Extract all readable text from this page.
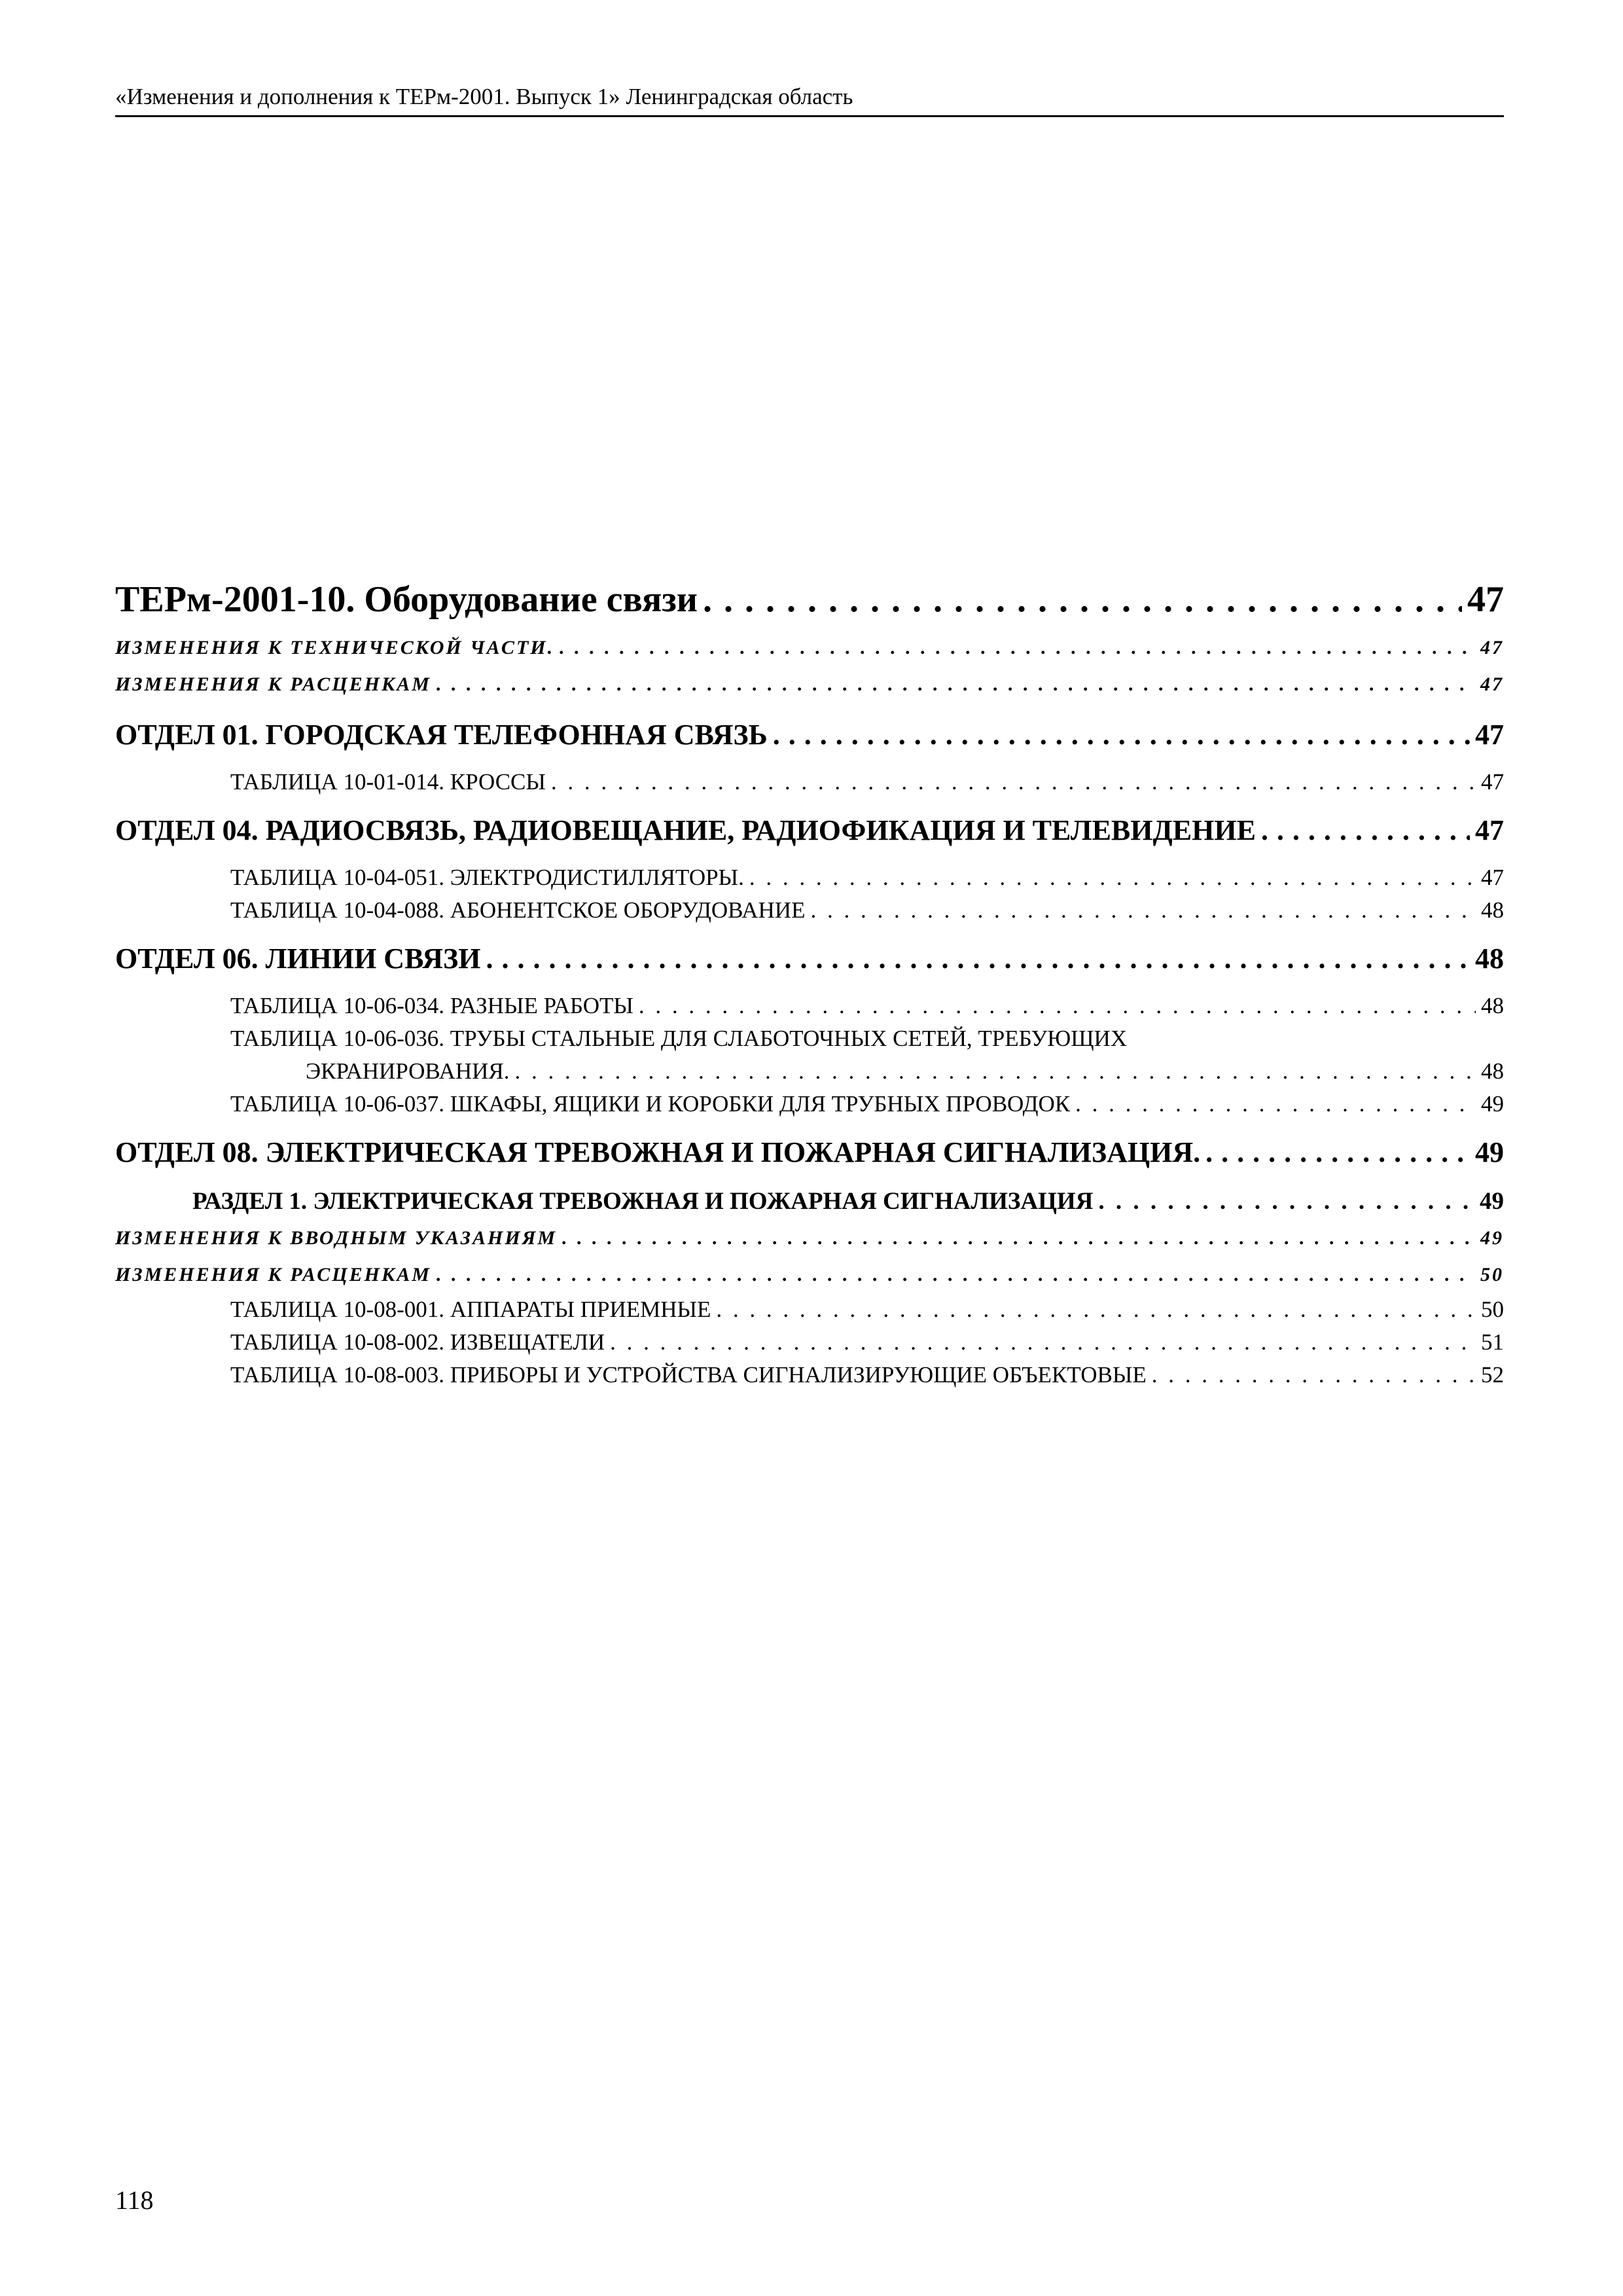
«Изменения и дополнения к ТЕРм-2001. Выпуск 1» Ленинградская область
ТЕРм-2001-10. Оборудование связи . . .	47
ИЗМЕНЕНИЯ К ТЕХНИЧЕСКОЙ ЧАСТИ. . . .	47
ИЗМЕНЕНИЯ К РАСЦЕНКАМ . . .	47
ОТДЕЛ 01. ГОРОДСКАЯ ТЕЛЕФОННАЯ СВЯЗЬ . . .	47
ТАБЛИЦА 10-01-014. КРОССЫ . . .	47
ОТДЕЛ 04. РАДИОСВЯЗЬ, РАДИОВЕЩАНИЕ, РАДИОФИКАЦИЯ И ТЕЛЕВИДЕНИЕ . . .	47
ТАБЛИЦА 10-04-051. ЭЛЕКТРОДИСТИЛЛЯТОРЫ. . . .	47
ТАБЛИЦА 10-04-088. АБОНЕНТСКОЕ ОБОРУДОВАНИЕ . . .	48
ОТДЕЛ 06. ЛИНИИ СВЯЗИ . . .	48
ТАБЛИЦА 10-06-034. РАЗНЫЕ РАБОТЫ . . .	48
ТАБЛИЦА 10-06-036. ТРУБЫ СТАЛЬНЫЕ ДЛЯ СЛАБОТОЧНЫХ СЕТЕЙ, ТРЕБУЮЩИХ
ЭКРАНИРОВАНИЯ. . . .	48
ТАБЛИЦА 10-06-037. ШКАФЫ, ЯЩИКИ И КОРОБКИ ДЛЯ ТРУБНЫХ ПРОВОДОК . . .	49
ОТДЕЛ 08. ЭЛЕКТРИЧЕСКАЯ ТРЕВОЖНАЯ И ПОЖАРНАЯ СИГНАЛИЗАЦИЯ. . . .	49
РАЗДЕЛ 1. ЭЛЕКТРИЧЕСКАЯ ТРЕВОЖНАЯ И ПОЖАРНАЯ СИГНАЛИЗАЦИЯ . . .	49
ИЗМЕНЕНИЯ К ВВОДНЫМ УКАЗАНИЯМ . . .	49
ИЗМЕНЕНИЯ К РАСЦЕНКАМ . . .	50
ТАБЛИЦА 10-08-001. АППАРАТЫ ПРИЕМНЫЕ . . .	50
ТАБЛИЦА 10-08-002. ИЗВЕЩАТЕЛИ . . .	51
ТАБЛИЦА 10-08-003. ПРИБОРЫ И УСТРОЙСТВА СИГНАЛИЗИРУЮЩИЕ ОБЪЕКТОВЫЕ . . .	52
118
